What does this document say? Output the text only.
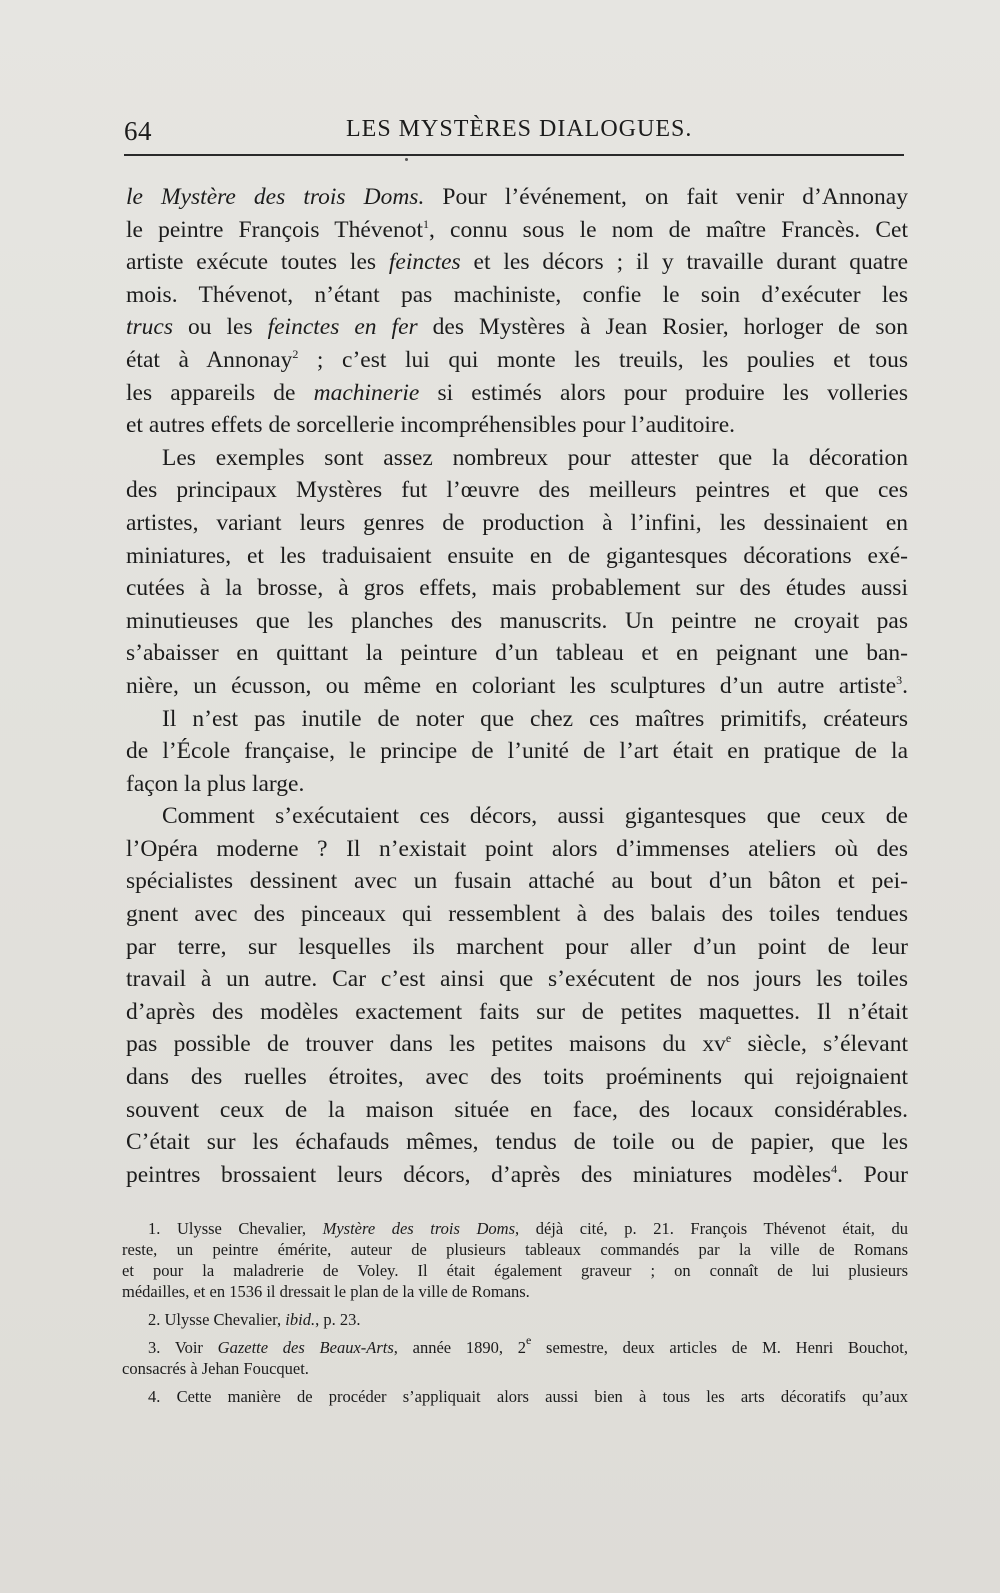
64	LES MYSTÈRES DIALOGUES.
le Mystère des trois Doms. Pour l’événement, on fait venir d’Annonay
le peintre François Thévenot$^1$, connu sous le nom de maître Francès. Cet
artiste exécute toutes les feinctes et les décors ; il y travaille durant quatre
mois. Thévenot, n’étant pas machiniste, confie le soin d’exécuter les
trucs ou les feinctes en fer des Mystères à Jean Rosier, horloger de son
état à Annonay$^2$ ; c’est lui qui monte les treuils, les poulies et tous
les appareils de machinerie si estimés alors pour produire les volleries
et autres effets de sorcellerie incompréhensibles pour l’auditoire.
Les exemples sont assez nombreux pour attester que la décoration
des principaux Mystères fut l’œuvre des meilleurs peintres et que ces
artistes, variant leurs genres de production à l’infini, les dessinaient en
miniatures, et les traduisaient ensuite en de gigantesques décorations exé-
cutées à la brosse, à gros effets, mais probablement sur des études aussi
minutieuses que les planches des manuscrits. Un peintre ne croyait pas
s’abaisser en quittant la peinture d’un tableau et en peignant une ban-
nière, un écusson, ou même en coloriant les sculptures d’un autre artiste$^3$.
Il n’est pas inutile de noter que chez ces maîtres primitifs, créateurs
de l’École française, le principe de l’unité de l’art était en pratique de la
façon la plus large.
Comment s’exécutaient ces décors, aussi gigantesques que ceux de
l’Opéra moderne ? Il n’existait point alors d’immenses ateliers où des
spécialistes dessinent avec un fusain attaché au bout d’un bâton et pei-
gnent avec des pinceaux qui ressemblent à des balais des toiles tendues
par terre, sur lesquelles ils marchent pour aller d’un point de leur
travail à un autre. Car c’est ainsi que s’exécutent de nos jours les toiles
d’après des modèles exactement faits sur de petites maquettes. Il n’était
pas possible de trouver dans les petites maisons du $xv^e$ siècle, s’élevant
dans des ruelles étroites, avec des toits proéminents qui rejoignaient
souvent ceux de la maison située en face, des locaux considérables.
C’était sur les échafauds mêmes, tendus de toile ou de papier, que les
peintres brossaient leurs décors, d’après des miniatures modèles$^4$. Pour
1. Ulysse Chevalier, Mystère des trois Doms, déjà cité, p. 21. François Thévenot était, du
reste, un peintre émérite, auteur de plusieurs tableaux commandés par la ville de Romans
et pour la maladrerie de Voley. Il était également graveur ; on connaît de lui plusieurs
médailles, et en 1536 il dressait le plan de la ville de Romans.
2. Ulysse Chevalier, ibid., p. 23.
3. Voir Gazette des Beaux-Arts, année 1890, 2e semestre, deux articles de M. Henri Bouchot,
consacrés à Jehan Foucquet.
4. Cette manière de procéder s’appliquait alors aussi bien à tous les arts décoratifs qu’aux
